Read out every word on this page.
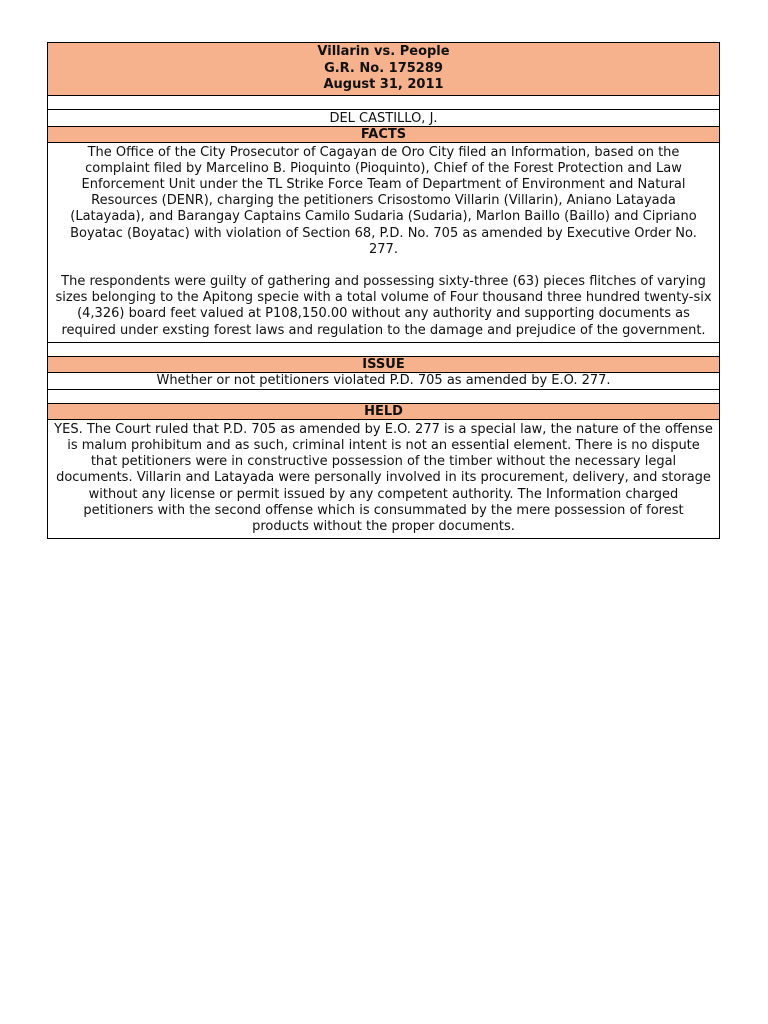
Villarin vs. People
G.R. No. 175289
August 31, 2011

DEL CASTILLO, J.
FACTS

The Office of the City Prosecutor of Cagayan de Oro City filed an Information, based on the complaint filed by Marcelino B. Pioquinto (Pioquinto), Chief of the Forest Protection and Law Enforcement Unit under the TL Strike Force Team of Department of Environment and Natural Resources (DENR), charging the petitioners Crisostomo Villarin (Villarin), Aniano Latayada (Latayada), and Barangay Captains Camilo Sudaria (Sudaria), Marlon Baillo (Baillo) and Cipriano Boyatac (Boyatac) with violation of Section 68, P.D. No. 705 as amended by Executive Order No. 277.

The respondents were guilty of gathering and possessing sixty-three (63) pieces flitches of varying sizes belonging to the Apitong specie with a total volume of Four thousand three hundred twenty-six (4,326) board feet valued at P108,150.00 without any authority and supporting documents as required under exsting forest laws and regulation to the damage and prejudice of the government.

ISSUE
Whether or not petitioners violated P.D. 705 as amended by E.O. 277.

HELD
YES. The Court ruled that P.D. 705 as amended by E.O. 277 is a special law, the nature of the offense is malum prohibitum and as such, criminal intent is not an essential element. There is no dispute that petitioners were in constructive possession of the timber without the necessary legal documents. Villarin and Latayada were personally involved in its procurement, delivery, and storage without any license or permit issued by any competent authority. The Information charged petitioners with the second offense which is consummated by the mere possession of forest products without the proper documents.
